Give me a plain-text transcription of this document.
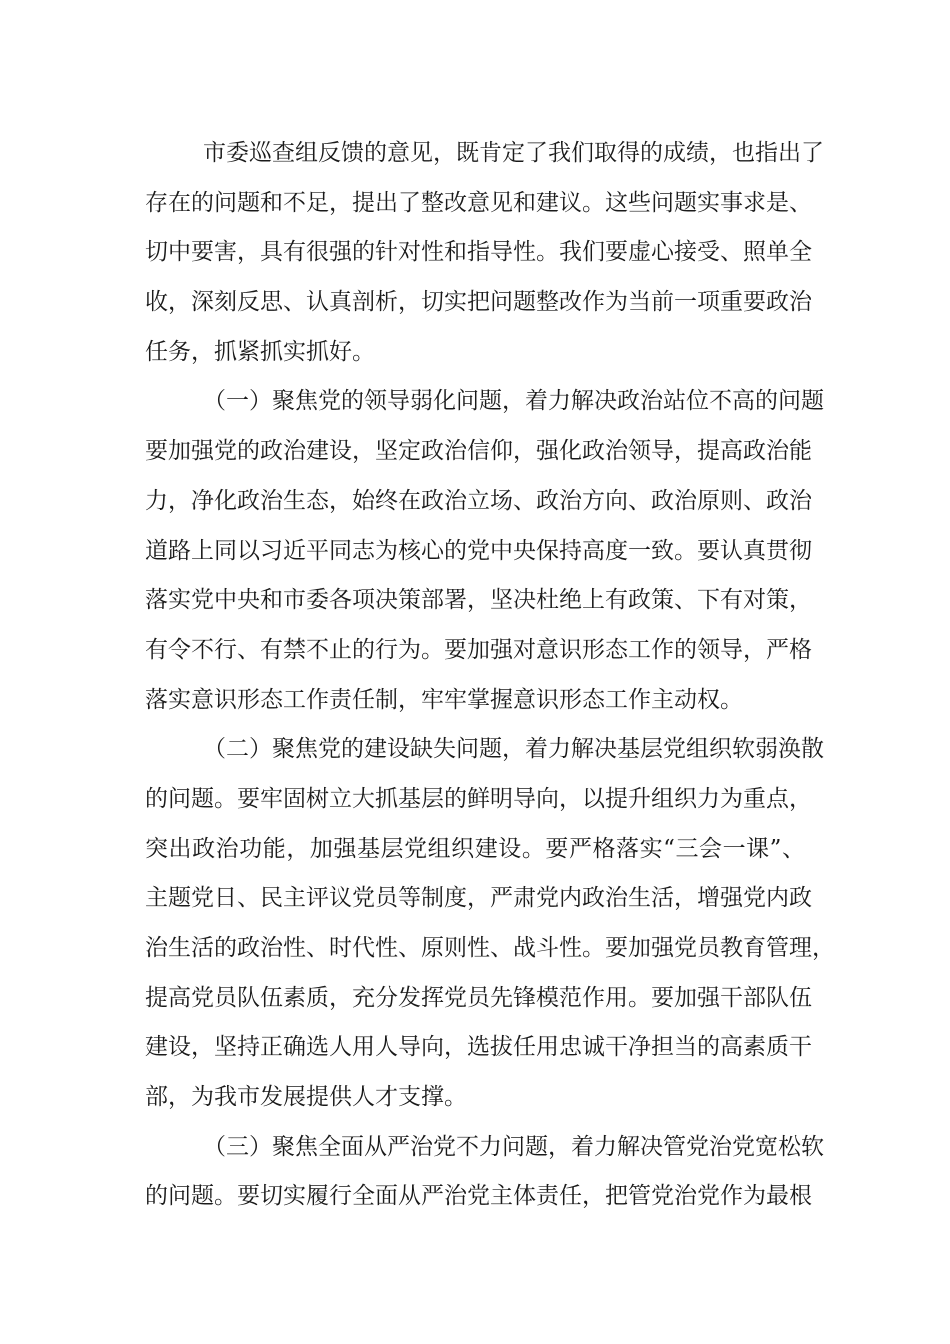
市委巡查组反馈的意见，既肯定了我们取得的成绩，也指出了
存在的问题和不足，提出了整改意见和建议。这些问题实事求是、
切中要害，具有很强的针对性和指导性。我们要虚心接受、照单全
收，深刻反思、认真剖析，切实把问题整改作为当前一项重要政治
任务，抓紧抓实抓好。
（一）聚焦党的领导弱化问题，着力解决政治站位不高的问题
要加强党的政治建设，坚定政治信仰，强化政治领导，提高政治能
力，净化政治生态，始终在政治立场、政治方向、政治原则、政治
道路上同以习近平同志为核心的党中央保持高度一致。要认真贯彻
落实党中央和市委各项决策部署，坚决杜绝上有政策、下有对策，
有令不行、有禁不止的行为。要加强对意识形态工作的领导，严格
落实意识形态工作责任制，牢牢掌握意识形态工作主动权。
（二）聚焦党的建设缺失问题，着力解决基层党组织软弱涣散
的问题。要牢固树立大抓基层的鲜明导向，以提升组织力为重点，
突出政治功能，加强基层党组织建设。要严格落实“三会一课”、
主题党日、民主评议党员等制度，严肃党内政治生活，增强党内政
治生活的政治性、时代性、原则性、战斗性。要加强党员教育管理，
提高党员队伍素质，充分发挥党员先锋模范作用。要加强干部队伍
建设，坚持正确选人用人导向，选拔任用忠诚干净担当的高素质干
部，为我市发展提供人才支撑。
（三）聚焦全面从严治党不力问题，着力解决管党治党宽松软
的问题。要切实履行全面从严治党主体责任，把管党治党作为最根
